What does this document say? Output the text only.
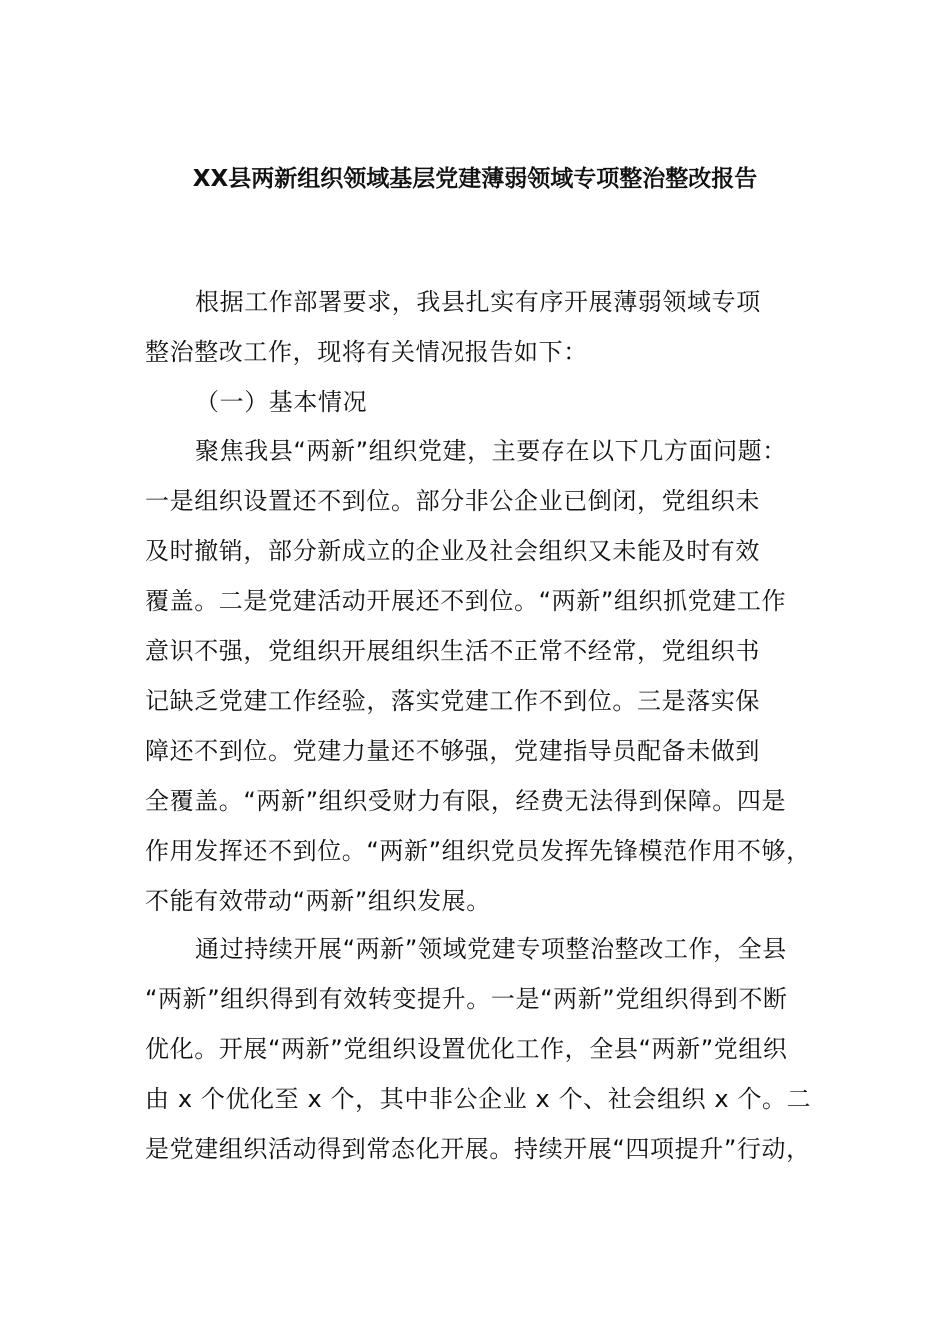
XX县两新组织领域基层党建薄弱领域专项整治整改报告
根据工作部署要求，我县扎实有序开展薄弱领域专项
整治整改工作，现将有关情况报告如下：
（一）基本情况
聚焦我县“两新”组织党建，主要存在以下几方面问题：
一是组织设置还不到位。部分非公企业已倒闭，党组织未
及时撤销，部分新成立的企业及社会组织又未能及时有效
覆盖。二是党建活动开展还不到位。“两新”组织抓党建工作
意识不强，党组织开展组织生活不正常不经常，党组织书
记缺乏党建工作经验，落实党建工作不到位。三是落实保
障还不到位。党建力量还不够强，党建指导员配备未做到
全覆盖。“两新”组织受财力有限，经费无法得到保障。四是
作用发挥还不到位。“两新”组织党员发挥先锋模范作用不够，
不能有效带动“两新”组织发展。
通过持续开展“两新”领域党建专项整治整改工作，全县
“两新”组织得到有效转变提升。一是“两新”党组织得到不断
优化。开展“两新”党组织设置优化工作，全县“两新”党组织
由 x 个优化至 x 个，其中非公企业 x 个、社会组织 x 个。二
是党建组织活动得到常态化开展。持续开展“四项提升”行动，
